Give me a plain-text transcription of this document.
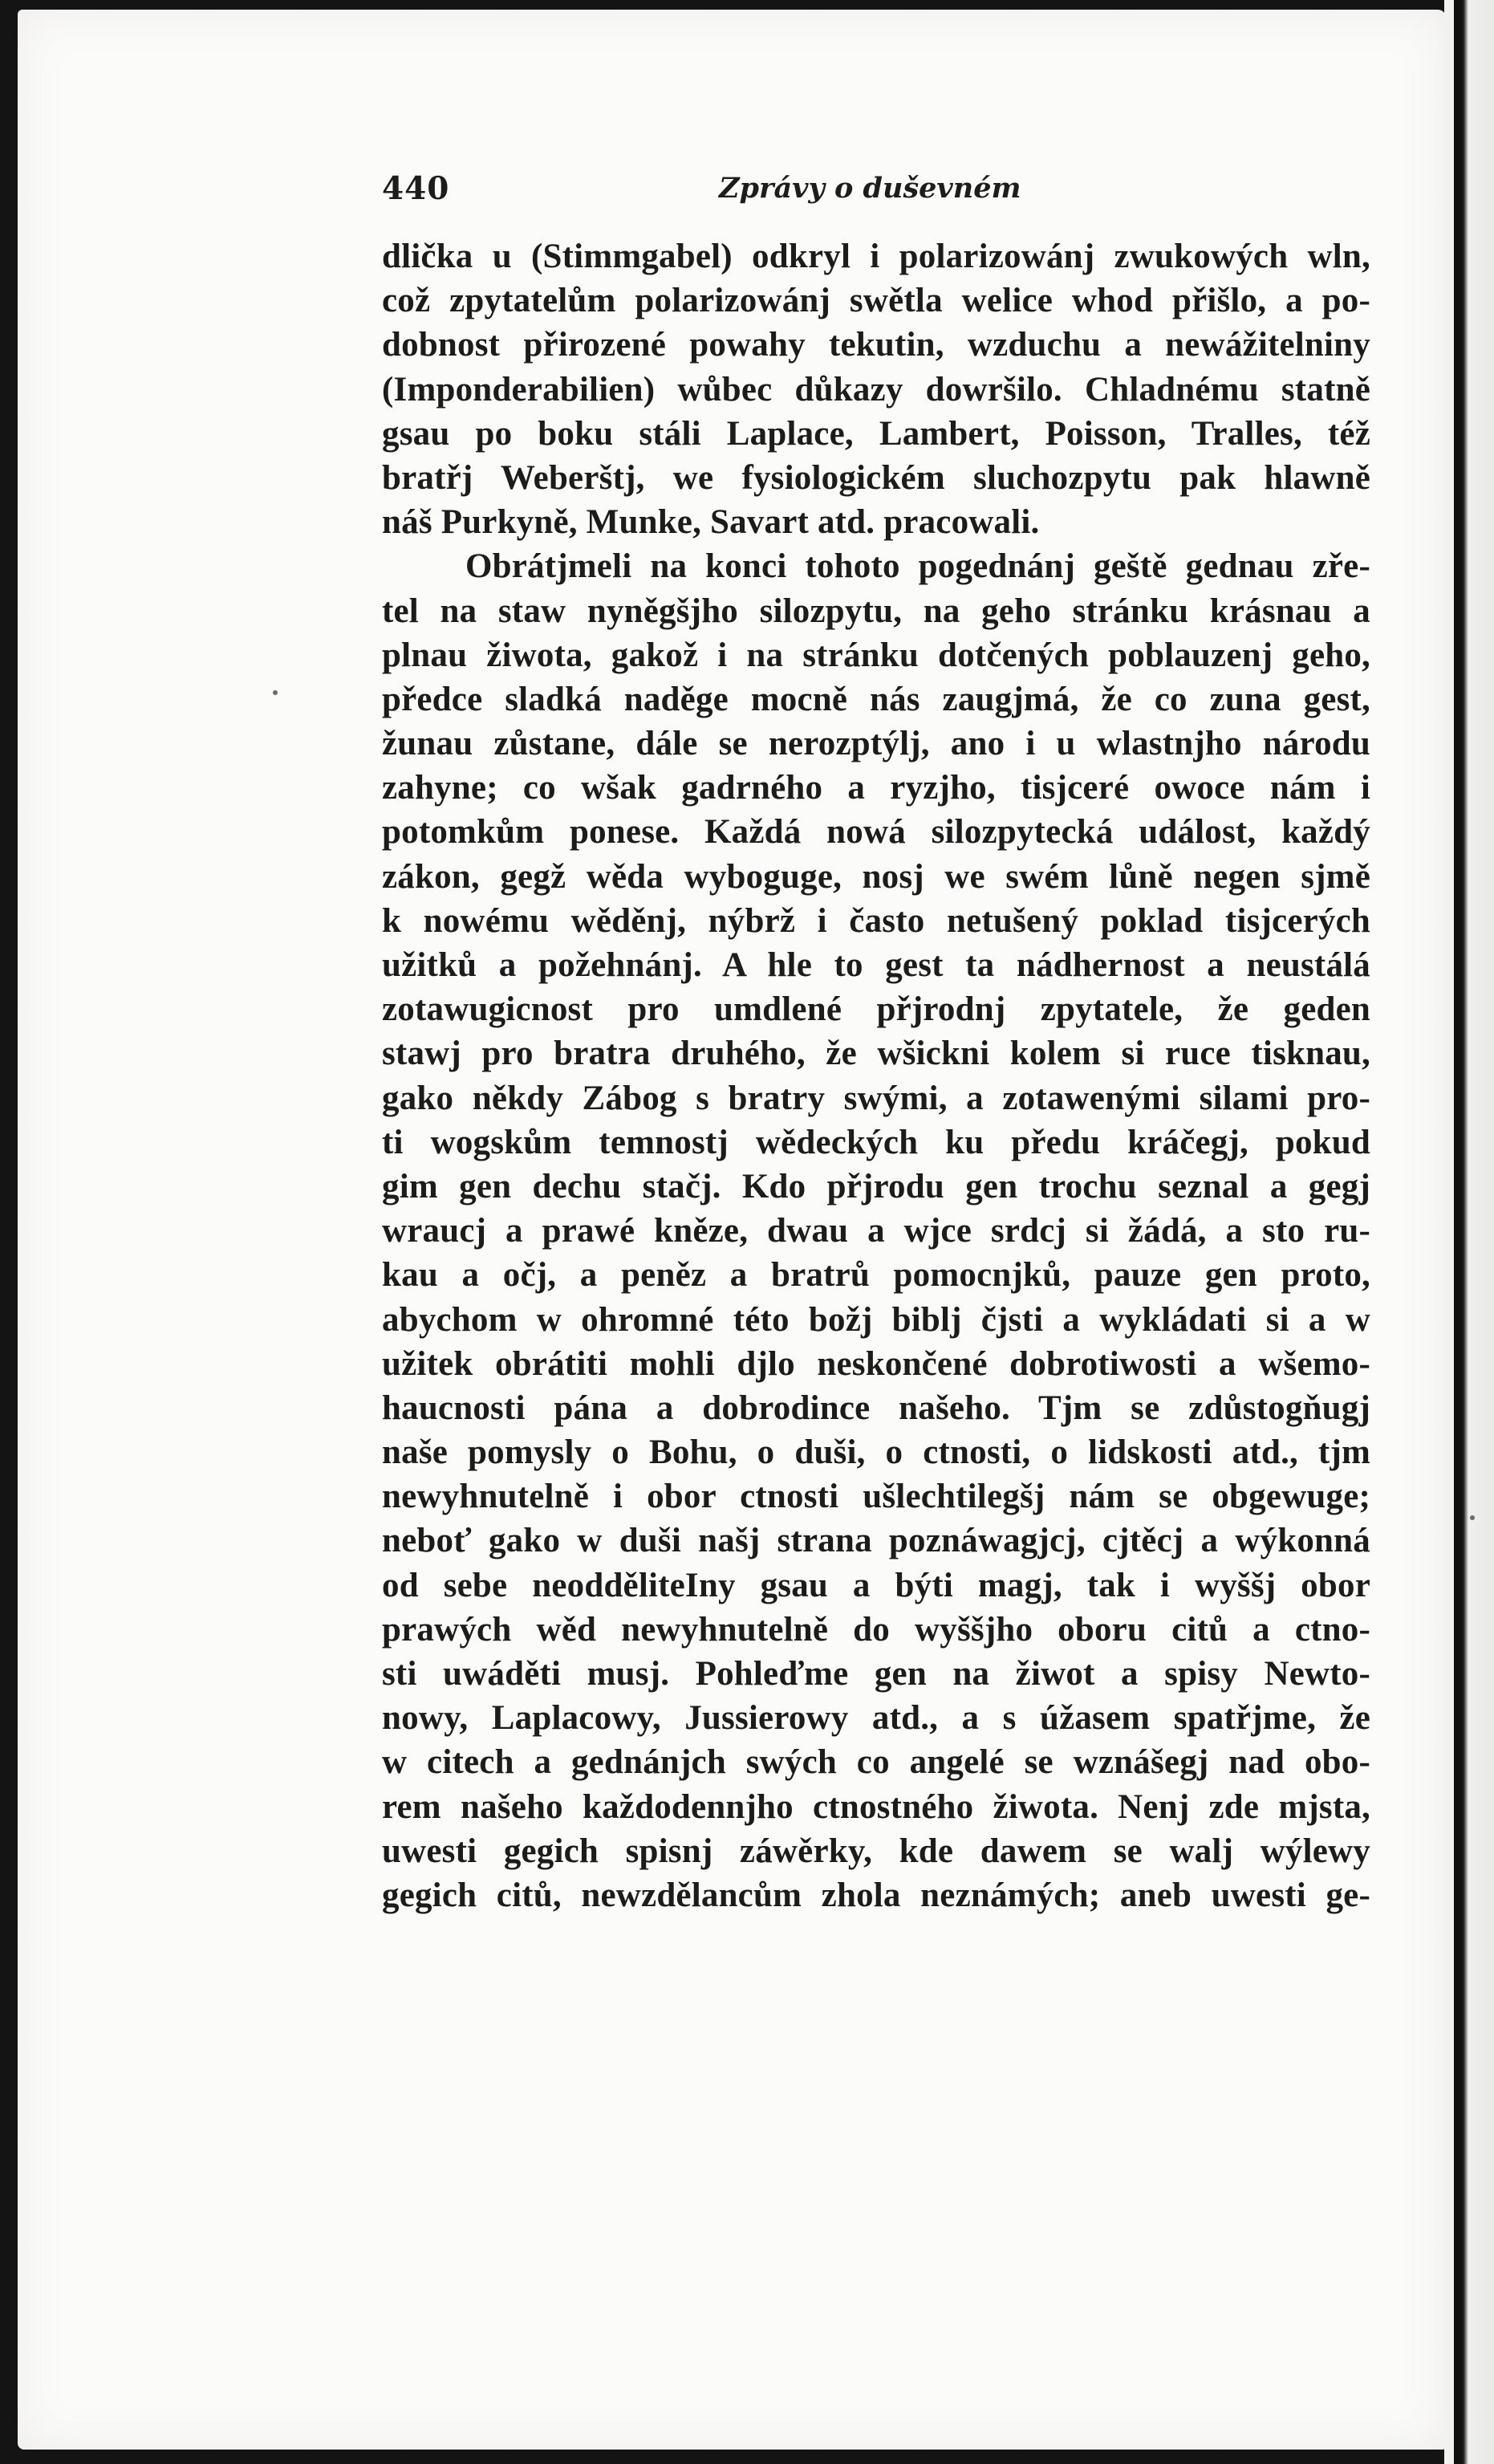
440	Zprávy o duševném
dlička u (Stimmgabel) odkryl i polarizowánj zwukowých wln,
což zpytatelům polarizowánj swětla welice whod přišlo, a po-
dobnost přirozené powahy tekutin, wzduchu a newážitelniny
(Imponderabilien) wůbec důkazy dowršilo. Chladnému statně
gsau po boku stáli Laplace, Lambert, Poisson, Tralles, též
bratřj Weberštj, we fysiologickém sluchozpytu pak hlawně
náš Purkyně, Munke, Savart atd. pracowali.
Obrátjmeli na konci tohoto pogednánj geště gednau zře-
tel na staw nyněgšjho silozpytu, na geho stránku krásnau a
plnau žiwota, gakož i na stránku dotčených poblauzenj geho,
předce sladká naděge mocně nás zaugjmá, že co zuna gest,
žunau zůstane, dále se nerozptýlj, ano i u wlastnjho národu
zahyne; co wšak gadrného a ryzjho, tisjceré owoce nám i
potomkům ponese. Každá nowá silozpytecká událost, každý
zákon, gegž wěda wyboguge, nosj we swém lůně negen sjmě
k nowému wěděnj, nýbrž i často netušený poklad tisjcerých
užitků a požehnánj. A hle to gest ta nádhernost a neustálá
zotawugicnost pro umdlené přjrodnj zpytatele, že geden
stawj pro bratra druhého, že wšickni kolem si ruce tisknau,
gako někdy Zábog s bratry swými, a zotawenými silami pro-
ti wogskům temnostj wědeckých ku předu kráčegj, pokud
gim gen dechu stačj. Kdo přjrodu gen trochu seznal a gegj
wraucj a prawé kněze, dwau a wjce srdcj si žádá, a sto ru-
kau a očj, a peněz a bratrů pomocnjků, pauze gen proto,
abychom w ohromné této božj biblj čjsti a wykládati si a w
užitek obrátiti mohli djlo neskončené dobrotiwosti a wšemo-
haucnosti pána a dobrodince našeho. Tjm se zdůstogňugj
naše pomysly o Bohu, o duši, o ctnosti, o lidskosti atd., tjm
newyhnutelně i obor ctnosti ušlechtilegšj nám se obgewuge;
neboť gako w duši našj strana poznáwagjcj, cjtěcj a wýkonná
od sebe neodděliteIny gsau a býti magj, tak i wyššj obor
prawých wěd newyhnutelně do wyššjho oboru citů a ctno-
sti uwáděti musj. Pohleďme gen na žiwot a spisy Newto-
nowy, Laplacowy, Jussierowy atd., a s úžasem spatřjme, že
w citech a gednánjch swých co angelé se wznášegj nad obo-
rem našeho každodennjho ctnostného žiwota. Nenj zde mjsta,
uwesti gegich spisnj záwěrky, kde dawem se walj wýlewy
gegich citů, newzdělancům zhola neznámých; aneb uwesti ge-
